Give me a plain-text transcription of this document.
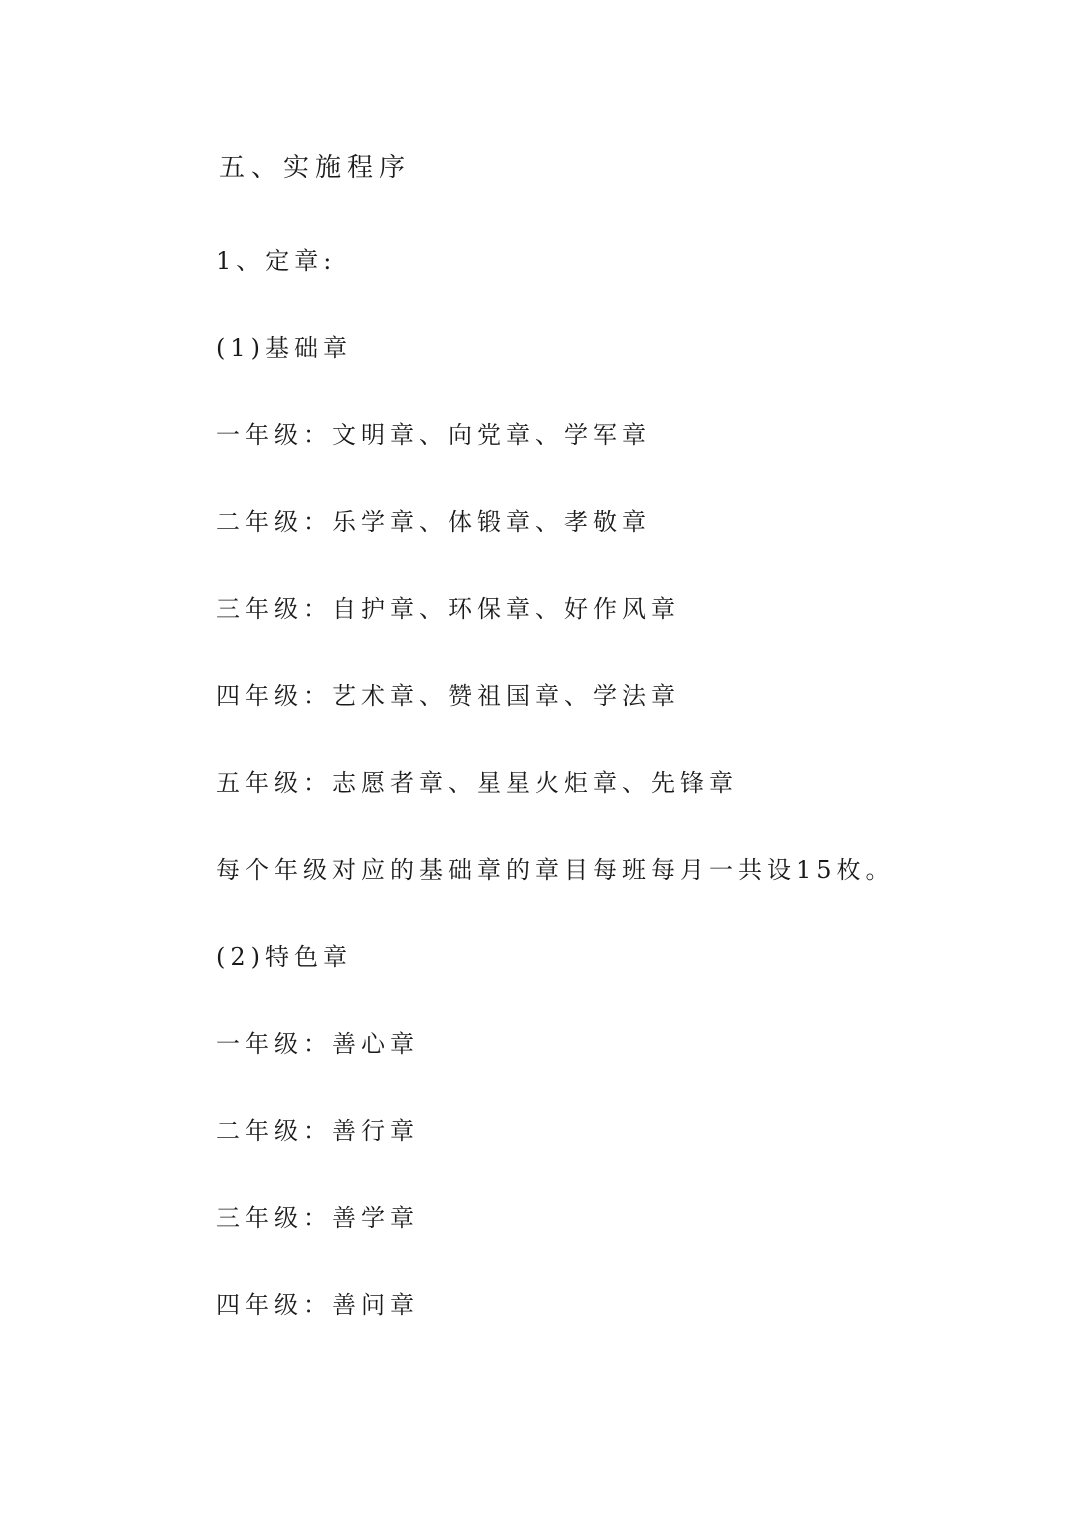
五、实施程序
1、定章:
(1)基础章
一年级：文明章、向党章、学军章
二年级：乐学章、体锻章、孝敬章
三年级：自护章、环保章、好作风章
四年级：艺术章、赞祖国章、学法章
五年级：志愿者章、星星火炬章、先锋章
每个年级对应的基础章的章目每班每月一共设15枚。
(2)特色章
一年级：善心章
二年级：善行章
三年级：善学章
四年级：善问章
